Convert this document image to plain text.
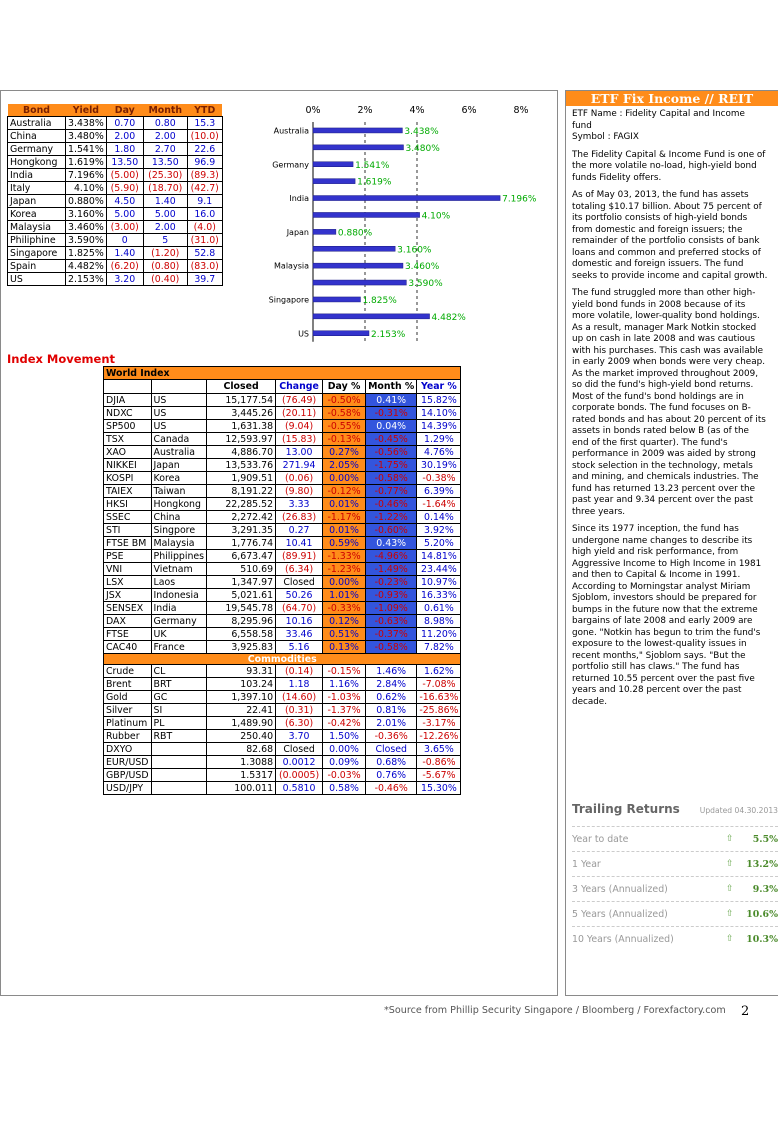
Bond	Yield	Day	Month	YTD
Australia	3.438%	0.70	0.80	15.3
China	3.480%	2.00	2.00	(10.0)
Germany	1.541%	1.80	2.70	22.6
Hongkong	1.619%	13.50	13.50	96.9
India	7.196%	(5.00)	(25.30)	(89.3)
Italy	4.10%	(5.90)	(18.70)	(42.7)
Japan	0.880%	4.50	1.40	9.1
Korea	3.160%	5.00	5.00	16.0
Malaysia	3.460%	(3.00)	2.00	(4.0)
Philiphine	3.590%	0	5	(31.0)
Singapore	1.825%	1.40	(1.20)	52.8
Spain	4.482%	(6.20)	(0.80)	(83.0)
US	2.153%	3.20	(0.40)	39.7
0%	2%	4%	6%	8%
3.438%
Australia
3.480%
1.541%
Germany
1.619%
7.196%
India
4.10%
0.880%
Japan
3.160%
3.460%
Malaysia
3.590%
1.825%
Singapore
4.482%
2.153%
US
Index Movement
World Index						
		Closed	Change	Day %	Month %	Year %
DJIA	US	15,177.54	(76.49)	-0.50%	0.41%	15.82%
NDXC	US	3,445.26	(20.11)	-0.58%	-0.31%	14.10%
SP500	US	1,631.38	(9.04)	-0.55%	0.04%	14.39%
TSX	Canada	12,593.97	(15.83)	-0.13%	-0.45%	1.29%
XAO	Australia	4,886.70	13.00	0.27%	-0.56%	4.76%
NIKKEI	Japan	13,533.76	271.94	2.05%	-1.75%	30.19%
KOSPI	Korea	1,909.51	(0.06)	0.00%	-0.58%	-0.38%
TAIEX	Taiwan	8,191.22	(9.80)	-0.12%	-0.77%	6.39%
HKSI	Hongkong	22,285.52	3.33	0.01%	-0.46%	-1.64%
SSEC	China	2,272.42	(26.83)	-1.17%	-1.22%	0.14%
STI	Singpore	3,291.35	0.27	0.01%	-0.60%	3.92%
FTSE BM	Malaysia	1,776.74	10.41	0.59%	0.43%	5.20%
PSE	Philippines	6,673.47	(89.91)	-1.33%	-4.96%	14.81%
VNI	Vietnam	510.69	(6.34)	-1.23%	-1.49%	23.44%
LSX	Laos	1,347.97	Closed	0.00%	-0.23%	10.97%
JSX	Indonesia	5,021.61	50.26	1.01%	-0.93%	16.33%
SENSEX	India	19,545.78	(64.70)	-0.33%	-1.09%	0.61%
DAX	Germany	8,295.96	10.16	0.12%	-0.63%	8.98%
FTSE	UK	6,558.58	33.46	0.51%	-0.37%	11.20%
CAC40	France	3,925.83	5.16	0.13%	-0.58%	7.82%
Commodities						
Crude	CL	93.31	(0.14)	-0.15%	1.46%	1.62%
Brent	BRT	103.24	1.18	1.16%	2.84%	-7.08%
Gold	GC	1,397.10	(14.60)	-1.03%	0.62%	-16.63%
Silver	SI	22.41	(0.31)	-1.37%	0.81%	-25.86%
Platinum	PL	1,489.90	(6.30)	-0.42%	2.01%	-3.17%
Rubber	RBT	250.40	3.70	1.50%	-0.36%	-12.26%
DXYO		82.68	Closed	0.00%	Closed	3.65%
EUR/USD		1.3088	0.0012	0.09%	0.68%	-0.86%
GBP/USD		1.5317	(0.0005)	-0.03%	0.76%	-5.67%
USD/JPY		100.011	0.5810	0.58%	-0.46%	15.30%
ETF Fix Income // REIT

ETF Name : Fidelity Capital and Income
fund
Symbol : FAGIX

The Fidelity Capital & Income Fund is one of
the more volatile no-load, high-yield bond
funds Fidelity offers.

As of May 03, 2013, the fund has assets
totaling $10.17 billion. About 75 percent of
its portfolio consists of high-yield bonds
from domestic and foreign issuers; the
remainder of the portfolio consists of bank
loans and common and preferred stocks of
domestic and foreign issuers. The fund
seeks to provide income and capital growth.

The fund struggled more than other high-
yield bond funds in 2008 because of its
more volatile, lower-quality bond holdings.
As a result, manager Mark Notkin stocked
up on cash in late 2008 and was cautious
with his purchases. This cash was available
in early 2009 when bonds were very cheap.
As the market improved throughout 2009,
so did the fund's high-yield bond returns.
Most of the fund's bond holdings are in
corporate bonds. The fund focuses on B-
rated bonds and has about 20 percent of its
assets in bonds rated below B (as of the
end of the first quarter). The fund's
performance in 2009 was aided by strong
stock selection in the technology, metals
and mining, and chemicals industries. The
fund has returned 13.23 percent over the
past year and 9.34 percent over the past
three years.

Since its 1977 inception, the fund has
undergone name changes to describe its
high yield and risk performance, from
Aggressive Income to High Income in 1981
and then to Capital & Income in 1991.
According to Morningstar analyst Miriam
Sjoblom, investors should be prepared for
bumps in the future now that the extreme
bargains of late 2008 and early 2009 are
gone. "Notkin has begun to trim the fund's
exposure to the lowest-quality issues in
recent months," Sjoblom says. "But the
portfolio still has claws." The fund has
returned 10.55 percent over the past five
years and 10.28 percent over the past
decade.

Trailing Returns	Updated 04.30.2013
Year to date	⇧	5.5%
1 Year	⇧	13.2%
3 Years (Annualized)	⇧	9.3%
5 Years (Annualized)	⇧	10.6%
10 Years (Annualized)	⇧	10.3%
*Source from Phillip Security Singapore / Bloomberg / Forexfactory.com 2
